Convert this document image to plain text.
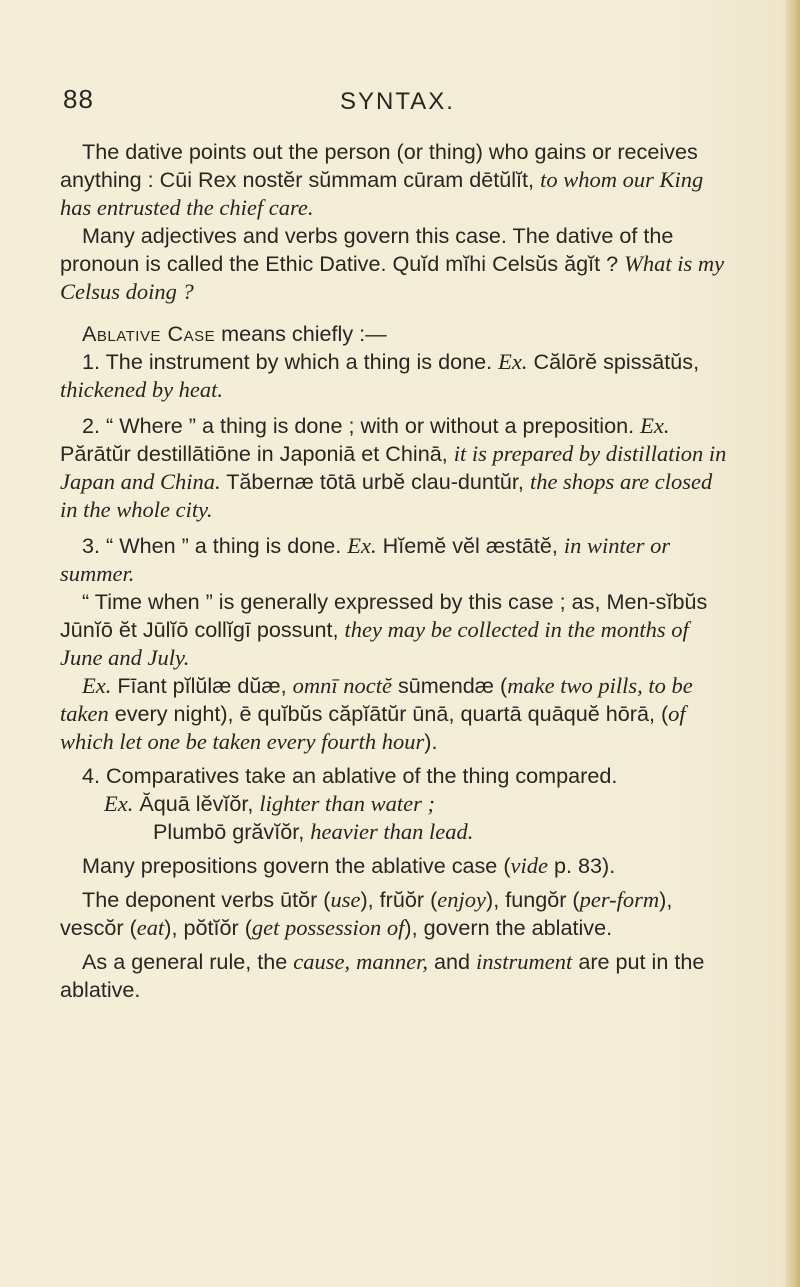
88	SYNTAX.

The dative points out the person (or thing) who gains or receives anything : Cūi Rex nostĕr sŭmmam cūram dētŭlĭt, to whom our King has entrusted the chief care.

Many adjectives and verbs govern this case. The dative of the pronoun is called the Ethic Dative. Quĭd mĭhi Celsŭs ăgĭt ? What is my Celsus doing ?

Ablative Case means chiefly :—

1. The instrument by which a thing is done. Ex. Călōrĕ spissātŭs, thickened by heat.

2. “ Where ” a thing is done ; with or without a preposition. Ex. Părātŭr destillātiōne in Japoniā et Chinā, it is prepared by distillation in Japan and China. Tăbernæ tōtā urbĕ clau-duntŭr, the shops are closed in the whole city.

3. “ When ” a thing is done. Ex. Hĭemĕ vĕl æstātĕ, in winter or summer.

“ Time when ” is generally expressed by this case ; as, Men-sĭbŭs Jūnĭō ĕt Jūlĭō collĭgī possunt, they may be collected in the months of June and July.

Ex. Fīant pĭlŭlæ dŭæ, omnī noctĕ sūmendæ (make two pills, to be taken every night), ē quĭbŭs căpĭātŭr ūnā, quartā quāquĕ hōrā, (of which let one be taken every fourth hour).

4. Comparatives take an ablative of the thing compared.

Ex. Ăquā lĕvĭŏr, lighter than water ;

Plumbō grăvĭŏr, heavier than lead.

Many prepositions govern the ablative case (vide p. 83).

The deponent verbs ūtŏr (use), frŭŏr (enjoy), fungŏr (per-form), vescŏr (eat), pŏtĭŏr (get possession of), govern the ablative.

As a general rule, the cause, manner, and instrument are put in the ablative.
